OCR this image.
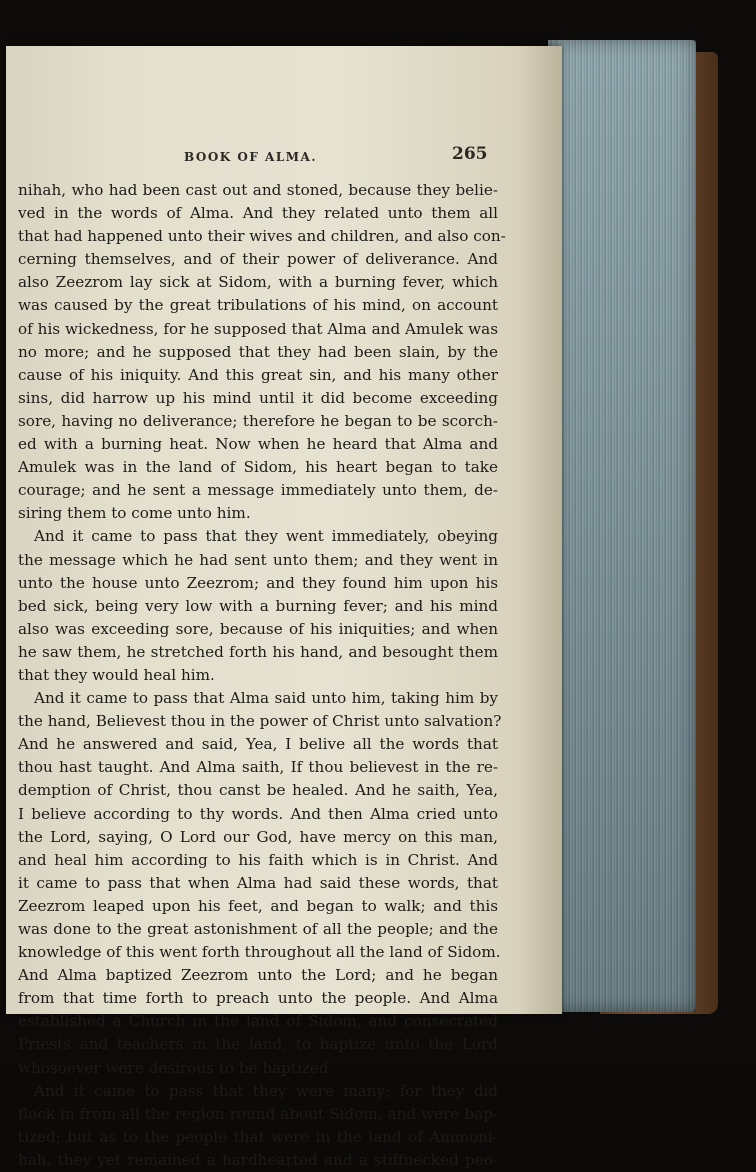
BOOK OF ALMA.	265
nihah, who had been cast out and stoned, because they belie-
ved in the words of Alma. And they related unto them all
that had happened unto their wives and children, and also con-
cerning themselves, and of their power of deliverance. And
also Zeezrom lay sick at Sidom, with a burning fever, which
was caused by the great tribulations of his mind, on account
of his wickedness, for he supposed that Alma and Amulek was
no more; and he supposed that they had been slain, by the
cause of his iniquity. And this great sin, and his many other
sins, did harrow up his mind until it did become exceeding
sore, having no deliverance; therefore he began to be scorch-
ed with a burning heat. Now when he heard that Alma and
Amulek was in the land of Sidom, his heart began to take
courage; and he sent a message immediately unto them, de-
siring them to come unto him.
And it came to pass that they went immediately, obeying
the message which he had sent unto them; and they went in
unto the house unto Zeezrom; and they found him upon his
bed sick, being very low with a burning fever; and his mind
also was exceeding sore, because of his iniquities; and when
he saw them, he stretched forth his hand, and besought them
that they would heal him.
And it came to pass that Alma said unto him, taking him by
the hand, Believest thou in the power of Christ unto salvation?
And he answered and said, Yea, I belive all the words that
thou hast taught. And Alma saith, If thou believest in the re-
demption of Christ, thou canst be healed. And he saith, Yea,
I believe according to thy words. And then Alma cried unto
the Lord, saying, O Lord our God, have mercy on this man,
and heal him according to his faith which is in Christ. And
it came to pass that when Alma had said these words, that
Zeezrom leaped upon his feet, and began to walk; and this
was done to the great astonishment of all the people; and the
knowledge of this went forth throughout all the land of Sidom.
And Alma baptized Zeezrom unto the Lord; and he began
from that time forth to preach unto the people. And Alma
established a Church in the land of Sidom, and consecrated
Priests and teachers in the land, to baptize unto the Lord
whosoever were desirous to be baptized.
And it came to pass that they were many; for they did
flock in from all the region round about Sidom, and were bap-
tized; but as to the people that were in the land of Ammoni-
hah, they yet remained a hardhearted and a stiffnecked peo-
